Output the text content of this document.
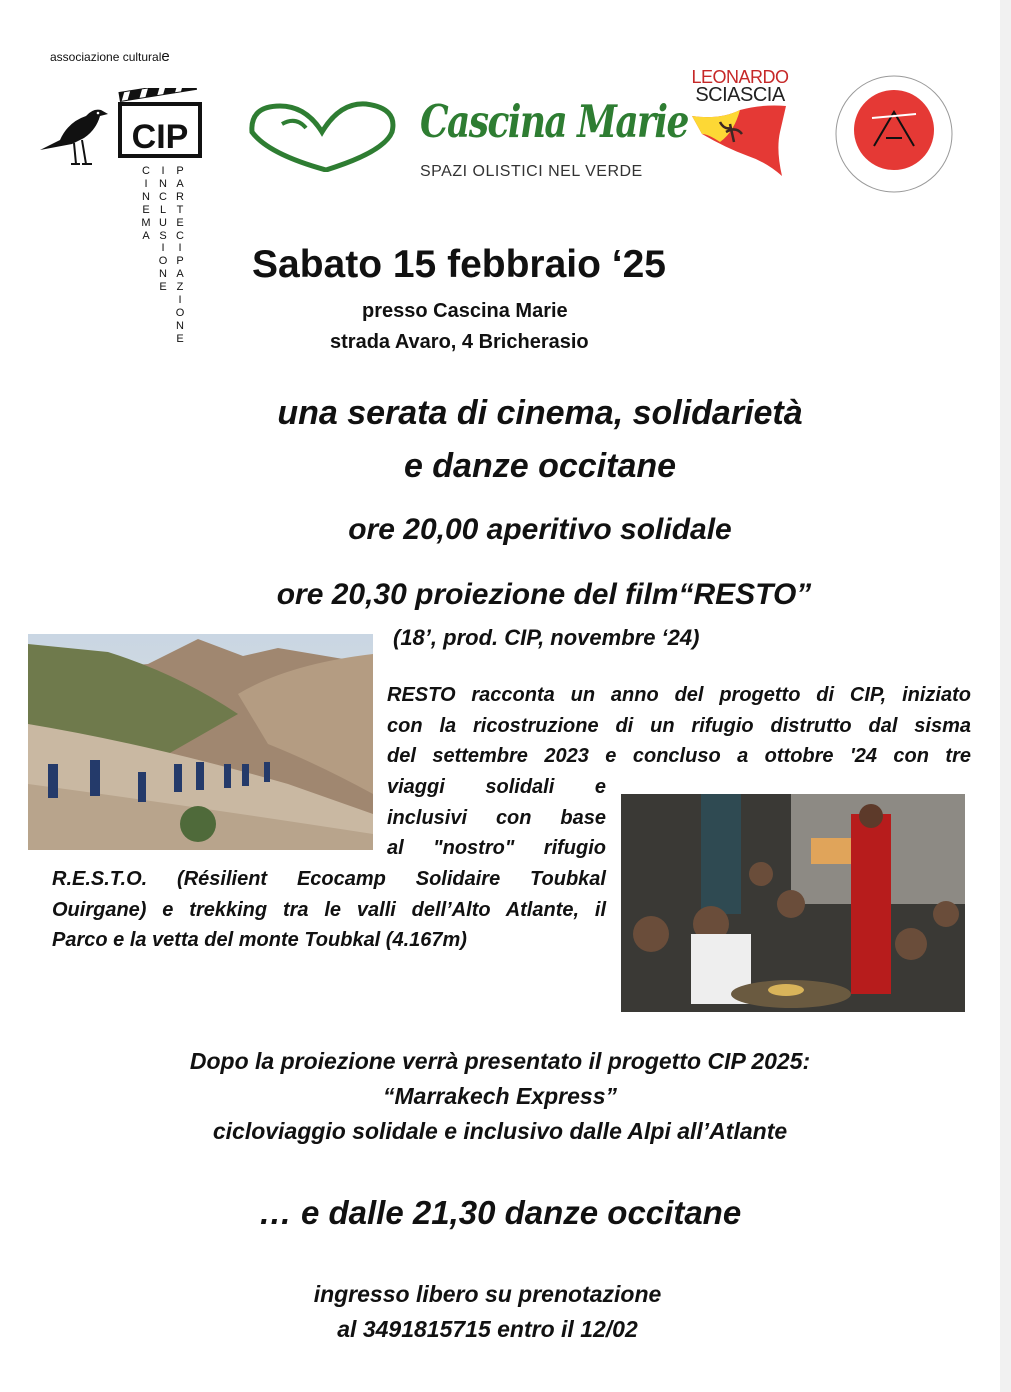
associazione culturale
CIP
C
I
N
E
M
A
I
N
C
L
U
S
I
O
N
E
P
A
R
T
E
C
I
P
A
Z
I
O
N
E
Cascina Marie
SPAZI OLISTICI NEL VERDE
LEONARDO
SCIASCIA
Sabato 15 febbraio ‘25
presso Cascina Marie
strada Avaro, 4 Bricherasio
una serata di cinema, solidarietà
e danze occitane
ore 20,00 aperitivo solidale
ore 20,30 proiezione del film“RESTO”
(18’, prod. CIP, novembre ‘24)
RESTO racconta un anno del progetto di CIP, iniziato
con la ricostruzione di un rifugio distrutto dal sisma
del settembre 2023 e concluso a ottobre '24 con tre
viaggi solidali e
inclusivi con base
al "nostro" rifugio
R.E.S.T.O. (Résilient Ecocamp Solidaire Toubkal
Ouirgane) e trekking tra le valli dell’Alto Atlante, il
Parco e la vetta del monte Toubkal (4.167m)
Dopo la proiezione verrà presentato il progetto CIP 2025:
“Marrakech Express”
cicloviaggio solidale e inclusivo dalle Alpi all’Atlante
… e dalle 21,30 danze occitane
ingresso libero su prenotazione
al 3491815715 entro il 12/02
